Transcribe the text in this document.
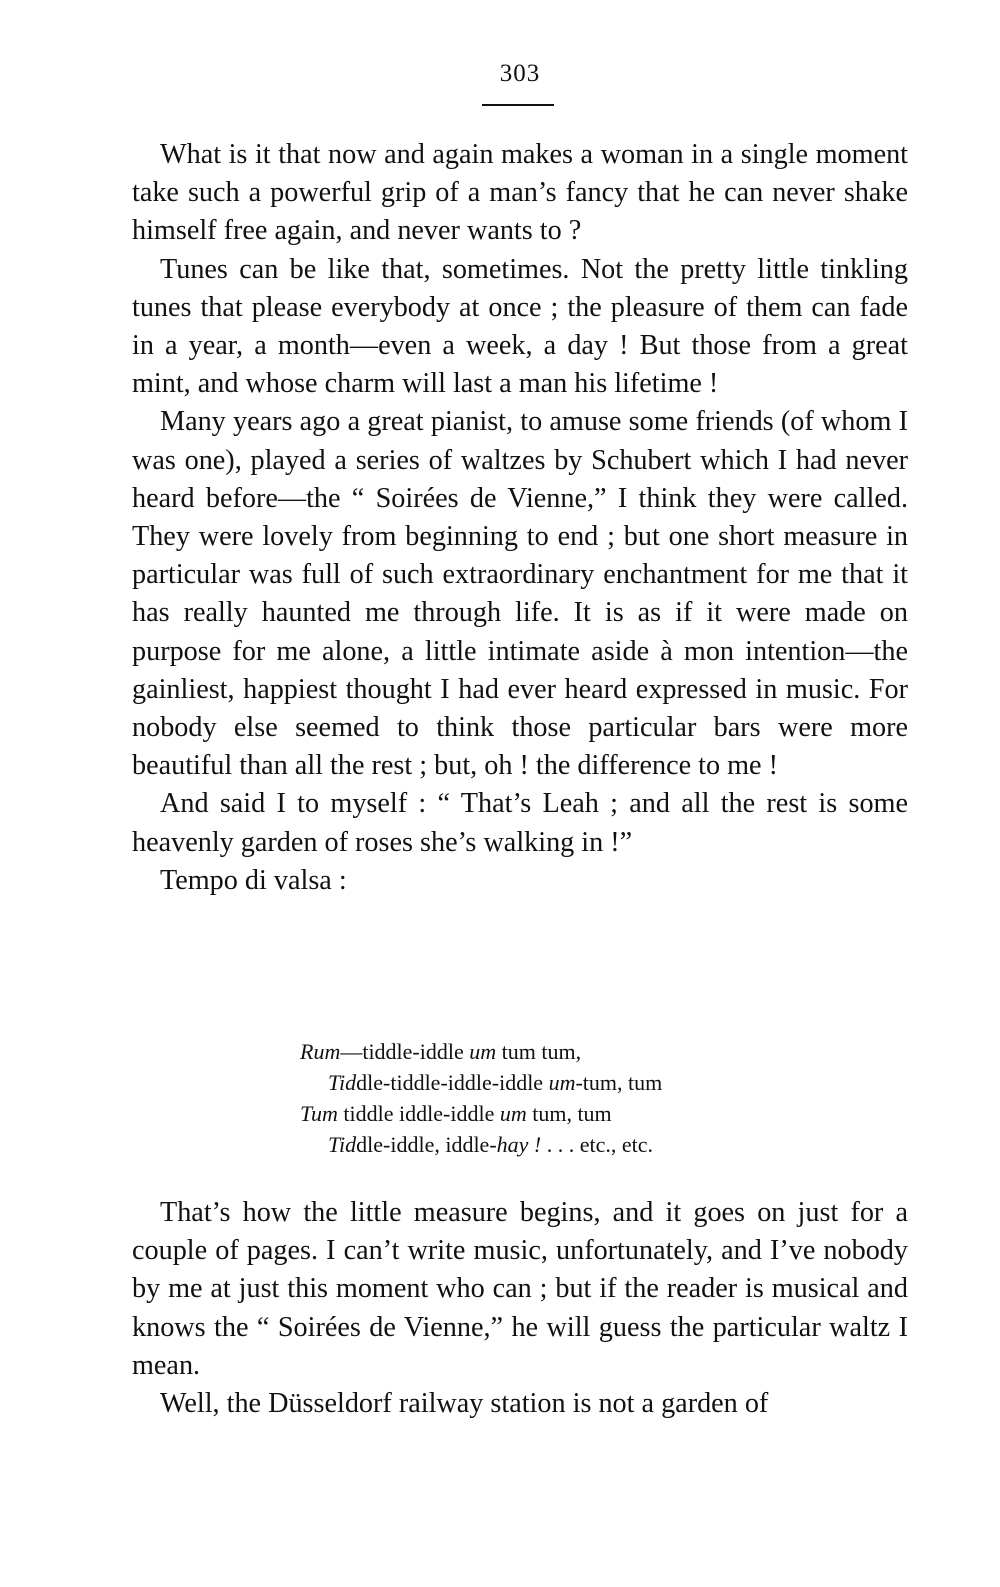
303

What is it that now and again makes a woman in a single moment take such a powerful grip of a man’s fancy that he can never shake himself free again, and never wants to ?

Tunes can be like that, sometimes. Not the pretty little tinkling tunes that please everybody at once ; the pleasure of them can fade in a year, a month—even a week, a day ! But those from a great mint, and whose charm will last a man his lifetime !

Many years ago a great pianist, to amuse some friends (of whom I was one), played a series of waltzes by Schubert which I had never heard before—the “ Soirées de Vienne,” I think they were called. They were lovely from beginning to end ; but one short measure in particular was full of such extraordinary enchantment for me that it has really haunted me through life. It is as if it were made on purpose for me alone, a little intimate aside à mon intention—the gainliest, happiest thought I had ever heard expressed in music. For nobody else seemed to think those particular bars were more beautiful than all the rest ; but, oh ! the difference to me !

And said I to myself : “ That’s Leah ; and all the rest is some heavenly garden of roses she’s walking in !”

Tempo di valsa :

Rum—tiddle-iddle um tum tum,
Tiddle-tiddle-iddle-iddle um-tum, tum
Tum tiddle iddle-iddle um tum, tum
Tiddle-iddle, iddle-hay ! . . . etc., etc.

That’s how the little measure begins, and it goes on just for a couple of pages. I can’t write music, unfortunately, and I’ve nobody by me at just this moment who can ; but if the reader is musical and knows the “ Soirées de Vienne,” he will guess the particular waltz I mean.

Well, the Düsseldorf railway station is not a garden of
